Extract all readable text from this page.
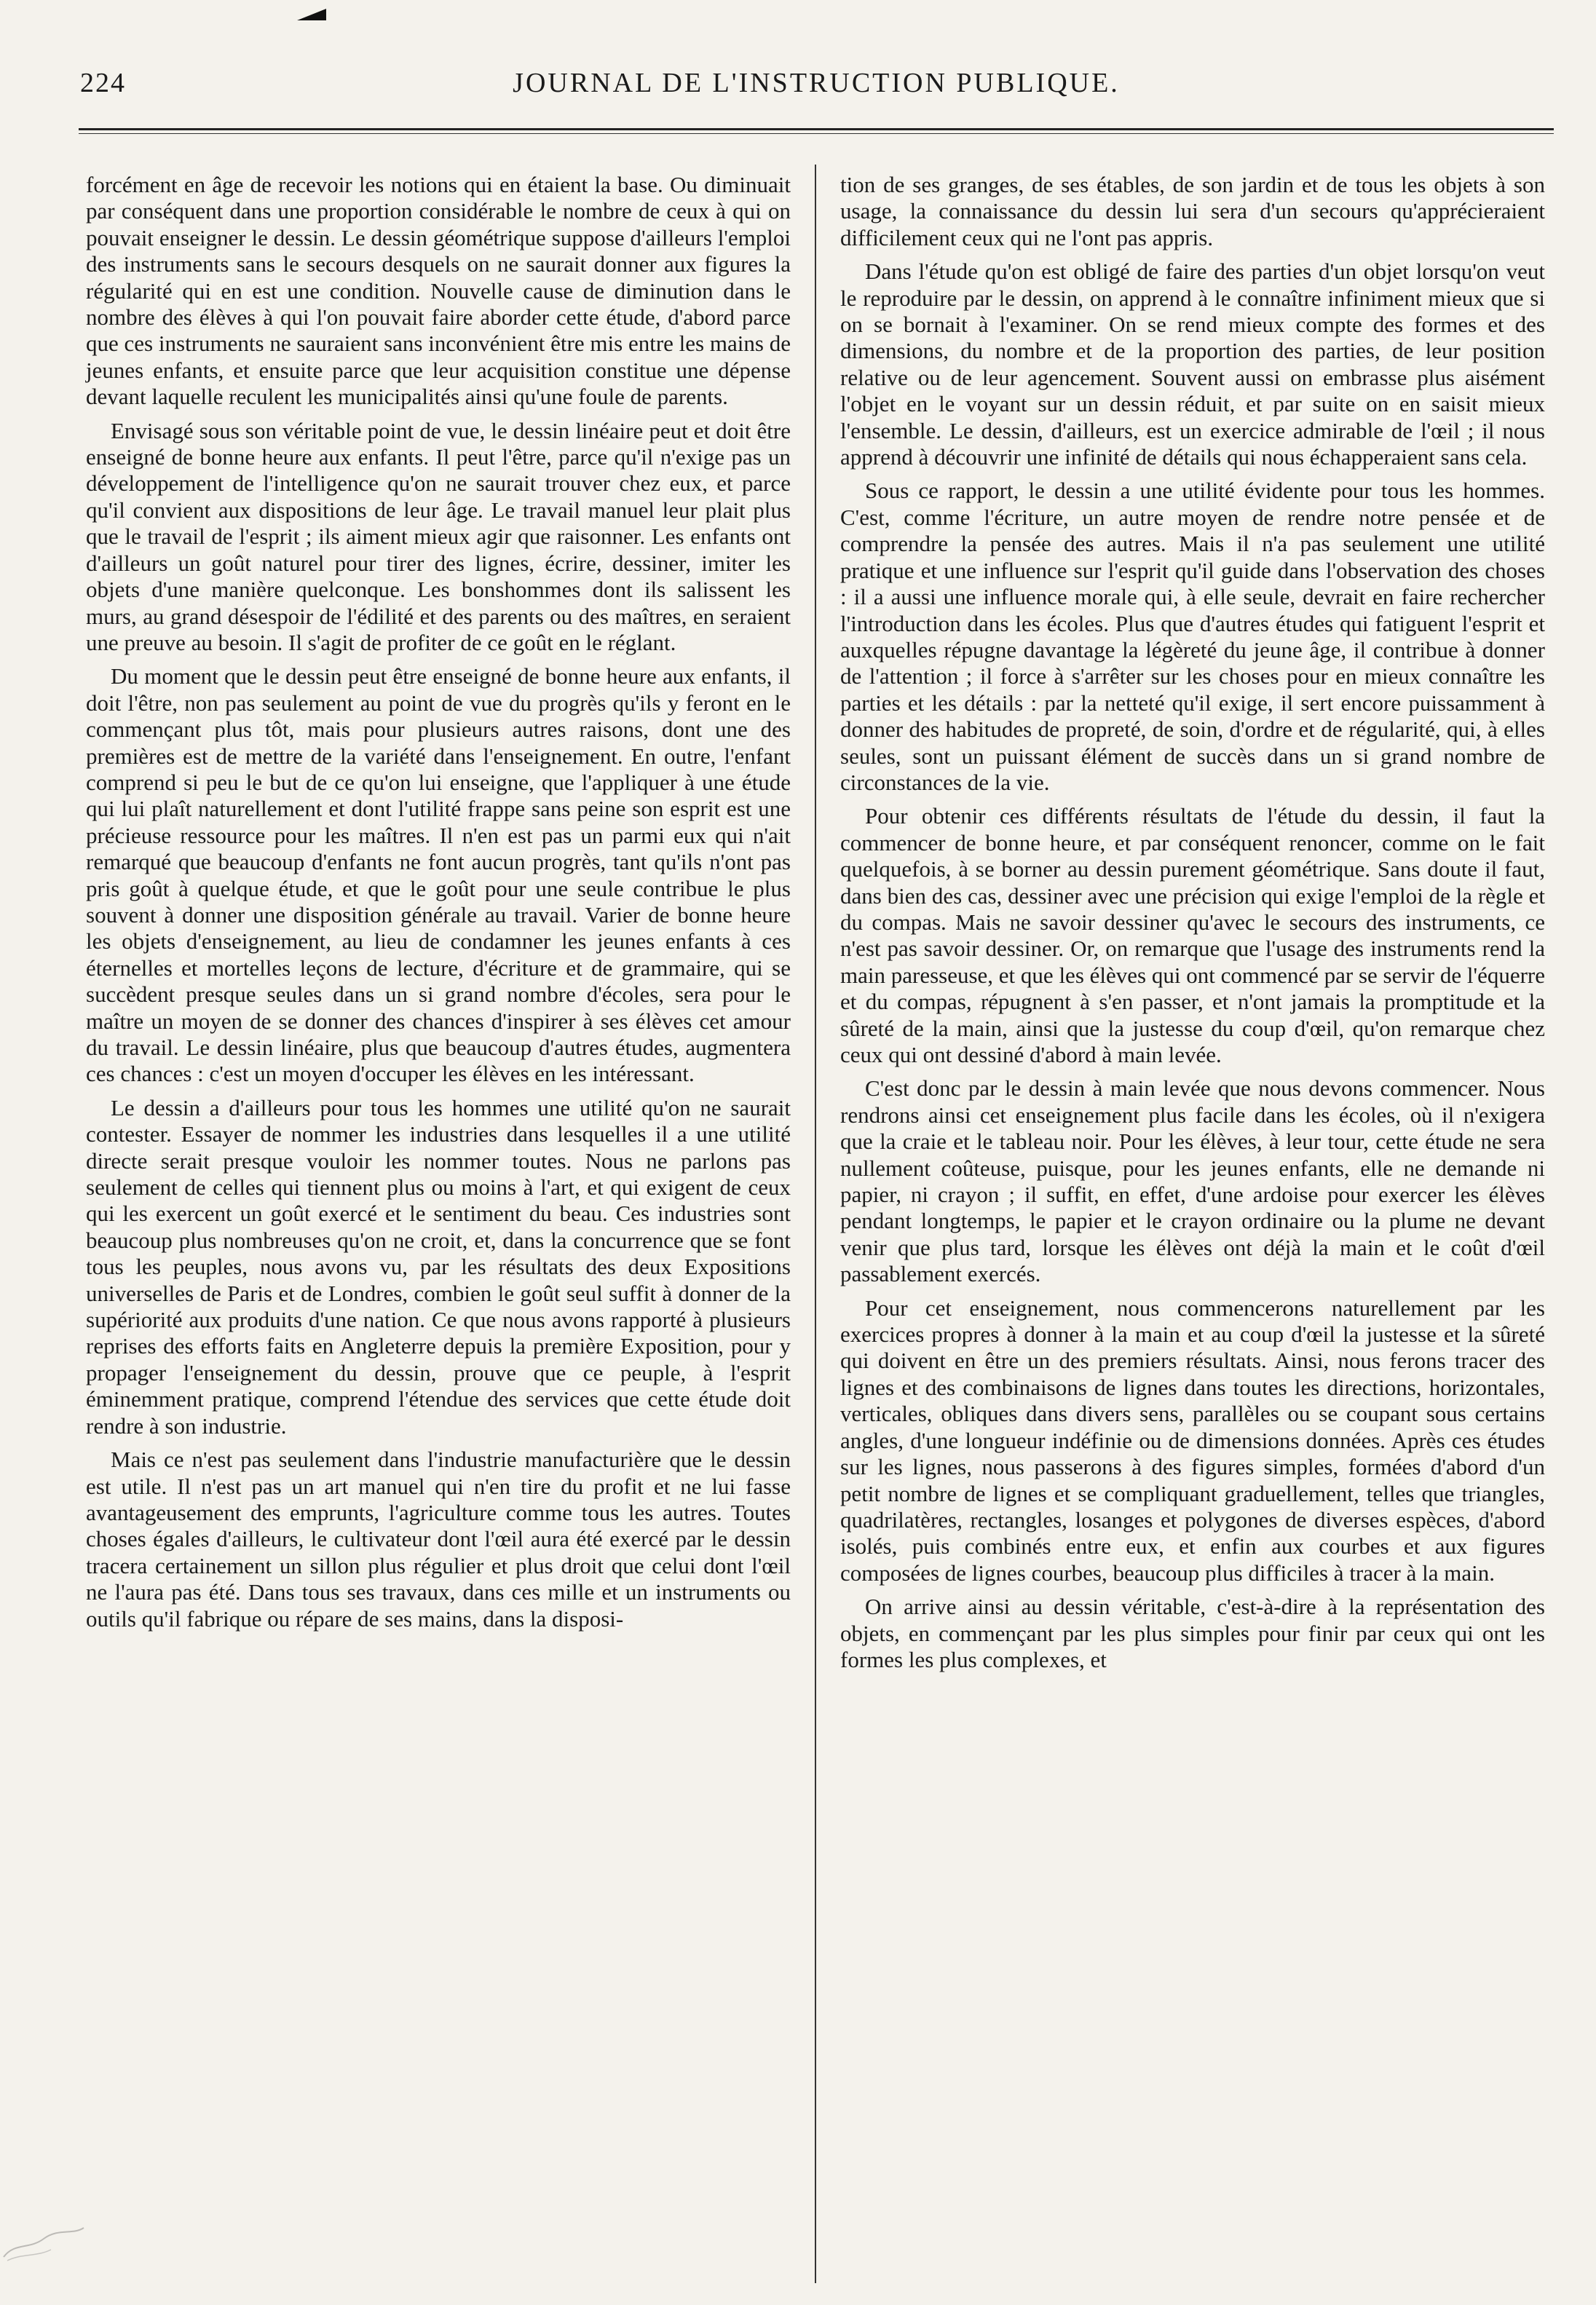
224	JOURNAL DE L'INSTRUCTION PUBLIQUE.

forcément en âge de recevoir les notions qui en étaient la base. Ou diminuait par conséquent dans une proportion considérable le nombre de ceux à qui on pouvait enseigner le dessin. Le dessin géométrique suppose d'ailleurs l'emploi des instruments sans le secours desquels on ne saurait donner aux figures la régularité qui en est une condition. Nouvelle cause de diminution dans le nombre des élèves à qui l'on pouvait faire aborder cette étude, d'abord parce que ces instruments ne sauraient sans inconvénient être mis entre les mains de jeunes enfants, et ensuite parce que leur acquisition constitue une dépense devant laquelle reculent les municipalités ainsi qu'une foule de parents.

Envisagé sous son véritable point de vue, le dessin linéaire peut et doit être enseigné de bonne heure aux enfants. Il peut l'être, parce qu'il n'exige pas un développement de l'intelligence qu'on ne saurait trouver chez eux, et parce qu'il convient aux dispositions de leur âge. Le travail manuel leur plait plus que le travail de l'esprit ; ils aiment mieux agir que raisonner. Les enfants ont d'ailleurs un goût naturel pour tirer des lignes, écrire, dessiner, imiter les objets d'une manière quelconque. Les bonshommes dont ils salissent les murs, au grand désespoir de l'édilité et des parents ou des maîtres, en seraient une preuve au besoin. Il s'agit de profiter de ce goût en le réglant.

Du moment que le dessin peut être enseigné de bonne heure aux enfants, il doit l'être, non pas seulement au point de vue du progrès qu'ils y feront en le commençant plus tôt, mais pour plusieurs autres raisons, dont une des premières est de mettre de la variété dans l'enseignement. En outre, l'enfant comprend si peu le but de ce qu'on lui enseigne, que l'appliquer à une étude qui lui plaît naturellement et dont l'utilité frappe sans peine son esprit est une précieuse ressource pour les maîtres. Il n'en est pas un parmi eux qui n'ait remarqué que beaucoup d'enfants ne font aucun progrès, tant qu'ils n'ont pas pris goût à quelque étude, et que le goût pour une seule contribue le plus souvent à donner une disposition générale au travail. Varier de bonne heure les objets d'enseignement, au lieu de condamner les jeunes enfants à ces éternelles et mortelles leçons de lecture, d'écriture et de grammaire, qui se succèdent presque seules dans un si grand nombre d'écoles, sera pour le maître un moyen de se donner des chances d'inspirer à ses élèves cet amour du travail. Le dessin linéaire, plus que beaucoup d'autres études, augmentera ces chances : c'est un moyen d'occuper les élèves en les intéressant.

Le dessin a d'ailleurs pour tous les hommes une utilité qu'on ne saurait contester. Essayer de nommer les industries dans lesquelles il a une utilité directe serait presque vouloir les nommer toutes. Nous ne parlons pas seulement de celles qui tiennent plus ou moins à l'art, et qui exigent de ceux qui les exercent un goût exercé et le sentiment du beau. Ces industries sont beaucoup plus nombreuses qu'on ne croit, et, dans la concurrence que se font tous les peuples, nous avons vu, par les résultats des deux Expositions universelles de Paris et de Londres, combien le goût seul suffit à donner de la supériorité aux produits d'une nation. Ce que nous avons rapporté à plusieurs reprises des efforts faits en Angleterre depuis la première Exposition, pour y propager l'enseignement du dessin, prouve que ce peuple, à l'esprit éminemment pratique, comprend l'étendue des services que cette étude doit rendre à son industrie.

Mais ce n'est pas seulement dans l'industrie manufacturière que le dessin est utile. Il n'est pas un art manuel qui n'en tire du profit et ne lui fasse avantageusement des emprunts, l'agriculture comme tous les autres. Toutes choses égales d'ailleurs, le cultivateur dont l'œil aura été exercé par le dessin tracera certainement un sillon plus régulier et plus droit que celui dont l'œil ne l'aura pas été. Dans tous ses travaux, dans ces mille et un instruments ou outils qu'il fabrique ou répare de ses mains, dans la disposi-

tion de ses granges, de ses étables, de son jardin et de tous les objets à son usage, la connaissance du dessin lui sera d'un secours qu'apprécieraient difficilement ceux qui ne l'ont pas appris.

Dans l'étude qu'on est obligé de faire des parties d'un objet lorsqu'on veut le reproduire par le dessin, on apprend à le connaître infiniment mieux que si on se bornait à l'examiner. On se rend mieux compte des formes et des dimensions, du nombre et de la proportion des parties, de leur position relative ou de leur agencement. Souvent aussi on embrasse plus aisément l'objet en le voyant sur un dessin réduit, et par suite on en saisit mieux l'ensemble. Le dessin, d'ailleurs, est un exercice admirable de l'œil ; il nous apprend à découvrir une infinité de détails qui nous échapperaient sans cela.

Sous ce rapport, le dessin a une utilité évidente pour tous les hommes. C'est, comme l'écriture, un autre moyen de rendre notre pensée et de comprendre la pensée des autres. Mais il n'a pas seulement une utilité pratique et une influence sur l'esprit qu'il guide dans l'observation des choses : il a aussi une influence morale qui, à elle seule, devrait en faire rechercher l'introduction dans les écoles. Plus que d'autres études qui fatiguent l'esprit et auxquelles répugne davantage la légèreté du jeune âge, il contribue à donner de l'attention ; il force à s'arrêter sur les choses pour en mieux connaître les parties et les détails : par la netteté qu'il exige, il sert encore puissamment à donner des habitudes de propreté, de soin, d'ordre et de régularité, qui, à elles seules, sont un puissant élément de succès dans un si grand nombre de circonstances de la vie.

Pour obtenir ces différents résultats de l'étude du dessin, il faut la commencer de bonne heure, et par conséquent renoncer, comme on le fait quelquefois, à se borner au dessin purement géométrique. Sans doute il faut, dans bien des cas, dessiner avec une précision qui exige l'emploi de la règle et du compas. Mais ne savoir dessiner qu'avec le secours des instruments, ce n'est pas savoir dessiner. Or, on remarque que l'usage des instruments rend la main paresseuse, et que les élèves qui ont commencé par se servir de l'équerre et du compas, répugnent à s'en passer, et n'ont jamais la promptitude et la sûreté de la main, ainsi que la justesse du coup d'œil, qu'on remarque chez ceux qui ont dessiné d'abord à main levée.

C'est donc par le dessin à main levée que nous devons commencer. Nous rendrons ainsi cet enseignement plus facile dans les écoles, où il n'exigera que la craie et le tableau noir. Pour les élèves, à leur tour, cette étude ne sera nullement coûteuse, puisque, pour les jeunes enfants, elle ne demande ni papier, ni crayon ; il suffit, en effet, d'une ardoise pour exercer les élèves pendant longtemps, le papier et le crayon ordinaire ou la plume ne devant venir que plus tard, lorsque les élèves ont déjà la main et le coût d'œil passablement exercés.

Pour cet enseignement, nous commencerons naturellement par les exercices propres à donner à la main et au coup d'œil la justesse et la sûreté qui doivent en être un des premiers résultats. Ainsi, nous ferons tracer des lignes et des combinaisons de lignes dans toutes les directions, horizontales, verticales, obliques dans divers sens, parallèles ou se coupant sous certains angles, d'une longueur indéfinie ou de dimensions données. Après ces études sur les lignes, nous passerons à des figures simples, formées d'abord d'un petit nombre de lignes et se compliquant graduellement, telles que triangles, quadrilatères, rectangles, losanges et polygones de diverses espèces, d'abord isolés, puis combinés entre eux, et enfin aux courbes et aux figures composées de lignes courbes, beaucoup plus difficiles à tracer à la main.

On arrive ainsi au dessin véritable, c'est-à-dire à la représentation des objets, en commençant par les plus simples pour finir par ceux qui ont les formes les plus complexes, et
